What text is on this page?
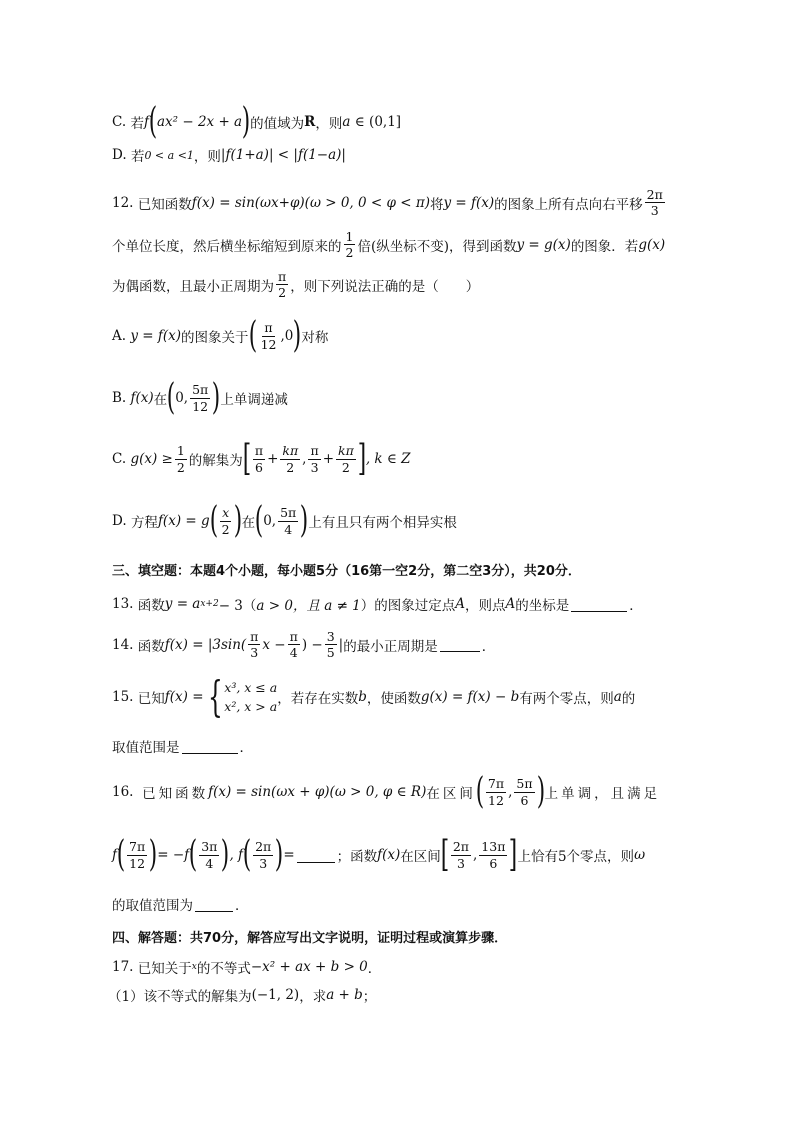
C.
若 f ( ax² − 2x + a ) 的值域为 R ，则 a
∈
(0,1]
D.
若 0 < a <1 ，则 |f(1+a)|
<
|f(1−a)|
12.
已知函数 f(x) = sin(ωx+φ)(ω > 0, 0 < φ < π) 将 y = f(x) 的图象上所有点向右平移 $\frac{2\pi}{3}$
个单位长度，然后横坐标缩短到原来的 $\frac{1}{2}$ 倍(纵坐标不变)，得到函数 y = g(x) 的图象．若 g(x)
为偶函数，且最小正周期为 $\frac{\pi}{2}$ ，则下列说法正确的是（　　）
A.
y = f(x) 的图象关于 ( $\frac{\pi}{12} ,0$ ) 对称
B.
f(x) 在 ( 0, $\frac{5\pi}{12}$ ) 上单调递减
C.
$g(x) \ge \frac{1}{2}$ 的解集为 [ $\frac{\pi}{6} + \frac{k\pi}{2}$ , $\frac{\pi}{3} + \frac{k\pi}{2}$ ] , k ∈ Z
D.
方程 f(x) = g ( $\frac{x}{2}$ ) 在 ( 0, $\frac{5\pi}{4}$ ) 上有且只有两个相异实根
三、填空题：本题4个小题，每小题5分（16第一空2分，第二空3分），共20分．
13.
函数 y = a x+2 − 3（ a > 0，且 a ≠ 1 ）的图象过定点 A ，则点 A 的坐标是	．
14.
函数 $f(x) = |3\sin( \frac{\pi}{3}$ $x - \frac{\pi}{4}$ ) − $\frac{3}{5}$ | 的最小正周期是	．
15.
已知 f(x) = { x³, x ≤ a
x², x > a ，若存在实数 b ，使函数 g(x) = f(x) − b 有两个零点，则 a 的
取值范围是	．
16.
已知函数 f(x) = sin(ωx + φ)(ω > 0, φ ∈ R) 在区间 ( $\frac{7\pi}{12}$ , $\frac{5\pi}{6}$ ) 上单调，且满足
f ( $\frac{7\pi}{12}$ ) = −f ( $\frac{3\pi}{4}$ ) , f ( $\frac{2\pi}{3}$ ) =	；函数 f(x) 在区间 [ $\frac{2\pi}{3}$ , $\frac{13\pi}{6}$ ] 上恰有5个零点，则 ω
的取值范围为	．
四、解答题：共70分，解答应写出文字说明，证明过程或演算步骤．
17.
已知关于 x 的不等式 −x² + ax + b > 0 ．
（1）该不等式的解集为 (−1, 2) ，求 a + b ；
